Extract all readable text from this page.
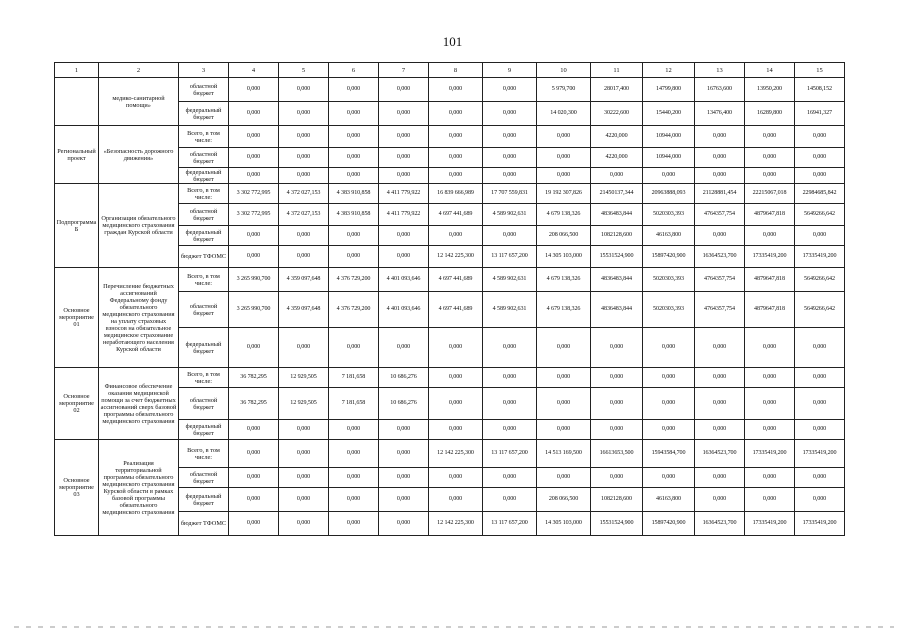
101
1	2	3	4	5	6	7	8	9	10	11	12	13	14	15
	медико-санитарной помощи»	областной бюджет	0,000	0,000	0,000	0,000	0,000	0,000	5 979,700	28017,400	14799,800	16763,600	13950,200	14508,152
		федеральный бюджет	0,000	0,000	0,000	0,000	0,000	0,000	14 020,300	30222,600	15440,200	13476,400	16289,800	16941,327
Региональный проект	«Безопасность дорожного движения»	Всего, в том числе:	0,000	0,000	0,000	0,000	0,000	0,000	0,000	4220,000	10944,000	0,000	0,000	0,000
		областной бюджет	0,000	0,000	0,000	0,000	0,000	0,000	0,000	4220,000	10944,000	0,000	0,000	0,000
		федеральный бюджет	0,000	0,000	0,000	0,000	0,000	0,000	0,000	0,000	0,000	0,000	0,000	0,000
Подпрограмма Б	Организация обязательного медицинского страхования граждан Курской области	Всего, в том числе:	3 302 772,995	4 372 027,153	4 383 910,858	4 411 779,922	16 839 666,989	17 707 559,831	19 192 307,826	21450137,344	20963888,093	21128881,454	22215067,018	22984685,842
		областной бюджет	3 302 772,995	4 372 027,153	4 383 910,858	4 411 779,922	4 697 441,689	4 589 902,631	4 679 138,326	4836483,844	5020303,393	4764357,754	4879647,818	5649266,642
		федеральный бюджет	0,000	0,000	0,000	0,000	0,000	0,000	208 066,500	1082128,600	46163,800	0,000	0,000	0,000
		бюджет ТФОМС	0,000	0,000	0,000	0,000	12 142 225,300	13 117 657,200	14 305 103,000	15531524,900	15897420,900	16364523,700	17335419,200	17335419,200
Основное мероприятие 01	Перечисление бюджетных ассигнований Федеральному фонду обязательного медицинского страхования на уплату страховых взносов на обязательное медицинское страхование неработающего населения Курской области	Всего, в том числе:	3 265 990,700	4 359 097,648	4 376 729,200	4 401 093,646	4 697 441,689	4 589 902,631	4 679 138,326	4836483,844	5020303,393	4764357,754	4879647,818	5649266,642
		областной бюджет	3 265 990,700	4 359 097,648	4 376 729,200	4 401 093,646	4 697 441,689	4 589 902,631	4 679 138,326	4836483,844	5020303,393	4764357,754	4879647,818	5649266,642
		федеральный бюджет	0,000	0,000	0,000	0,000	0,000	0,000	0,000	0,000	0,000	0,000	0,000	0,000
Основное мероприятие 02	Финансовое обеспечение оказания медицинской помощи за счет бюджетных ассигнований сверх базовой программы обязательного медицинского страхования	Всего, в том числе:	36 782,295	12 929,505	7 181,658	10 686,276	0,000	0,000	0,000	0,000	0,000	0,000	0,000	0,000
		областной бюджет	36 782,295	12 929,505	7 181,658	10 686,276	0,000	0,000	0,000	0,000	0,000	0,000	0,000	0,000
		федеральный бюджет	0,000	0,000	0,000	0,000	0,000	0,000	0,000	0,000	0,000	0,000	0,000	0,000
Основное мероприятие 03	Реализация территориальной программы обязательного медицинского страхования Курской области в рамках базовой программы обязательного медицинского страхования	Всего, в том числе:	0,000	0,000	0,000	0,000	12 142 225,300	13 117 657,200	14 513 169,500	16613653,500	15943584,700	16364523,700	17335419,200	17335419,200
		областной бюджет	0,000	0,000	0,000	0,000	0,000	0,000	0,000	0,000	0,000	0,000	0,000	0,000
		федеральный бюджет	0,000	0,000	0,000	0,000	0,000	0,000	208 066,500	1082128,600	46163,800	0,000	0,000	0,000
		бюджет ТФОМС	0,000	0,000	0,000	0,000	12 142 225,300	13 117 657,200	14 305 103,000	15531524,900	15897420,900	16364523,700	17335419,200	17335419,200
